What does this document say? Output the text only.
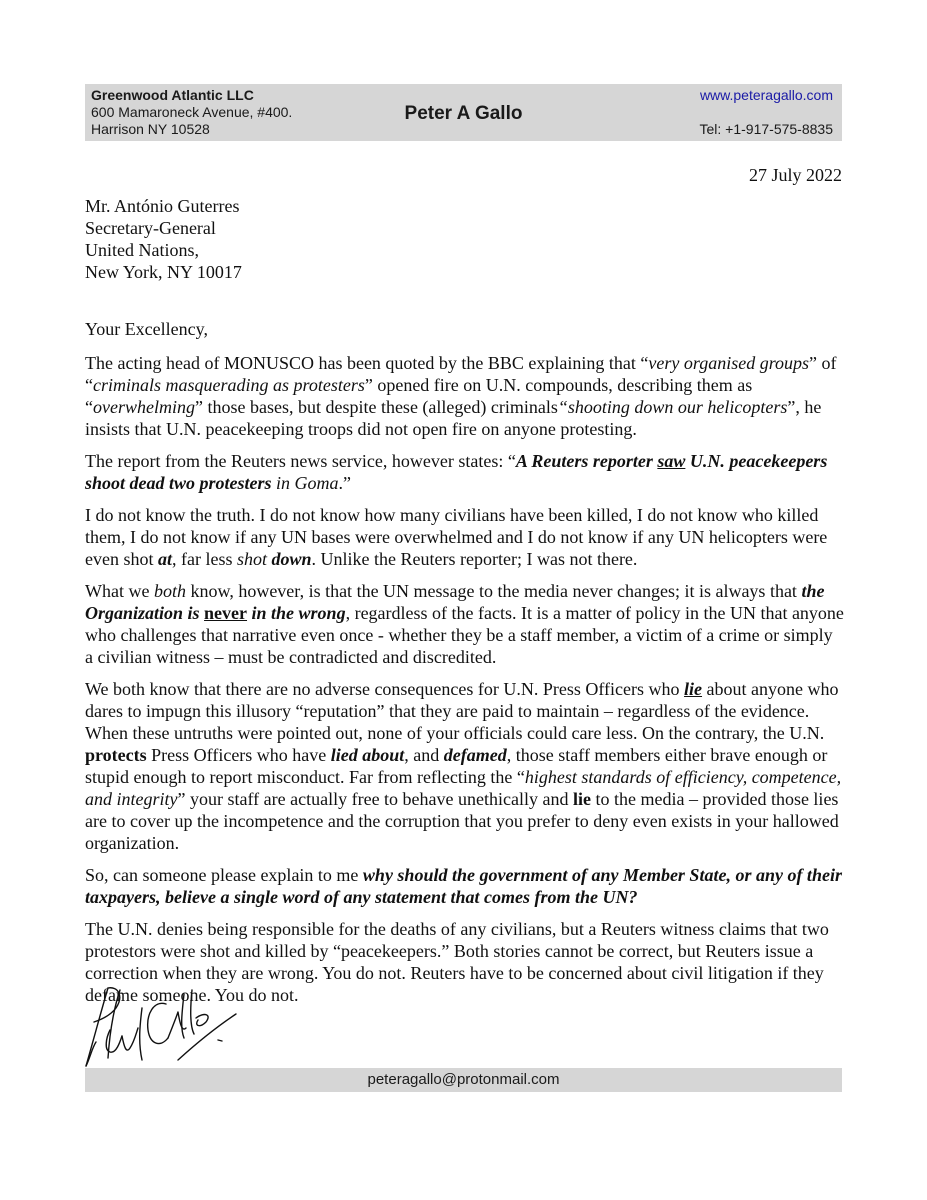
Greenwood Atlantic LLC
600 Mamaroneck Avenue, #400.
Harrison NY 10528
Peter A Gallo
www.peteragallo.com
Tel: +1-917-575-8835
27 July 2022
Mr. António Guterres
Secretary-General
United Nations,
New York, NY 10017

Your Excellency,

The acting head of MONUSCO has been quoted by the BBC explaining that “very organised groups” of “criminals masquerading as protesters” opened fire on U.N. compounds, describing them as “overwhelming” those bases, but despite these (alleged) criminals“shooting down our helicopters”, he insists that U.N. peacekeeping troops did not open fire on anyone protesting.

The report from the Reuters news service, however states: “A Reuters reporter saw U.N. peacekeepers shoot dead two protesters in Goma.”

I do not know the truth. I do not know how many civilians have been killed, I do not know who killed them, I do not know if any UN bases were overwhelmed and I do not know if any UN helicopters were even shot at, far less shot down. Unlike the Reuters reporter; I was not there.

What we both know, however, is that the UN message to the media never changes; it is always that the Organization is never in the wrong, regardless of the facts. It is a matter of policy in the UN that anyone who challenges that narrative even once - whether they be a staff member, a victim of a crime or simply a civilian witness – must be contradicted and discredited.

We both know that there are no adverse consequences for U.N. Press Officers who lie about anyone who dares to impugn this illusory “reputation” that they are paid to maintain – regardless of the evidence. When these untruths were pointed out, none of your officials could care less. On the contrary, the U.N. protects Press Officers who have lied about, and defamed, those staff members either brave enough or stupid enough to report misconduct. Far from reflecting the “highest standards of efficiency, competence, and integrity” your staff are actually free to behave unethically and lie to the media – provided those lies are to cover up the incompetence and the corruption that you prefer to deny even exists in your hallowed organization.

So, can someone please explain to me why should the government of any Member State, or any of their taxpayers, believe a single word of any statement that comes from the UN?

The U.N. denies being responsible for the deaths of any civilians, but a Reuters witness claims that two protestors were shot and killed by “peacekeepers.” Both stories cannot be correct, but Reuters issue a correction when they are wrong. You do not. Reuters have to be concerned about civil litigation if they defame someone. You do not.

peteragallo@protonmail.com
